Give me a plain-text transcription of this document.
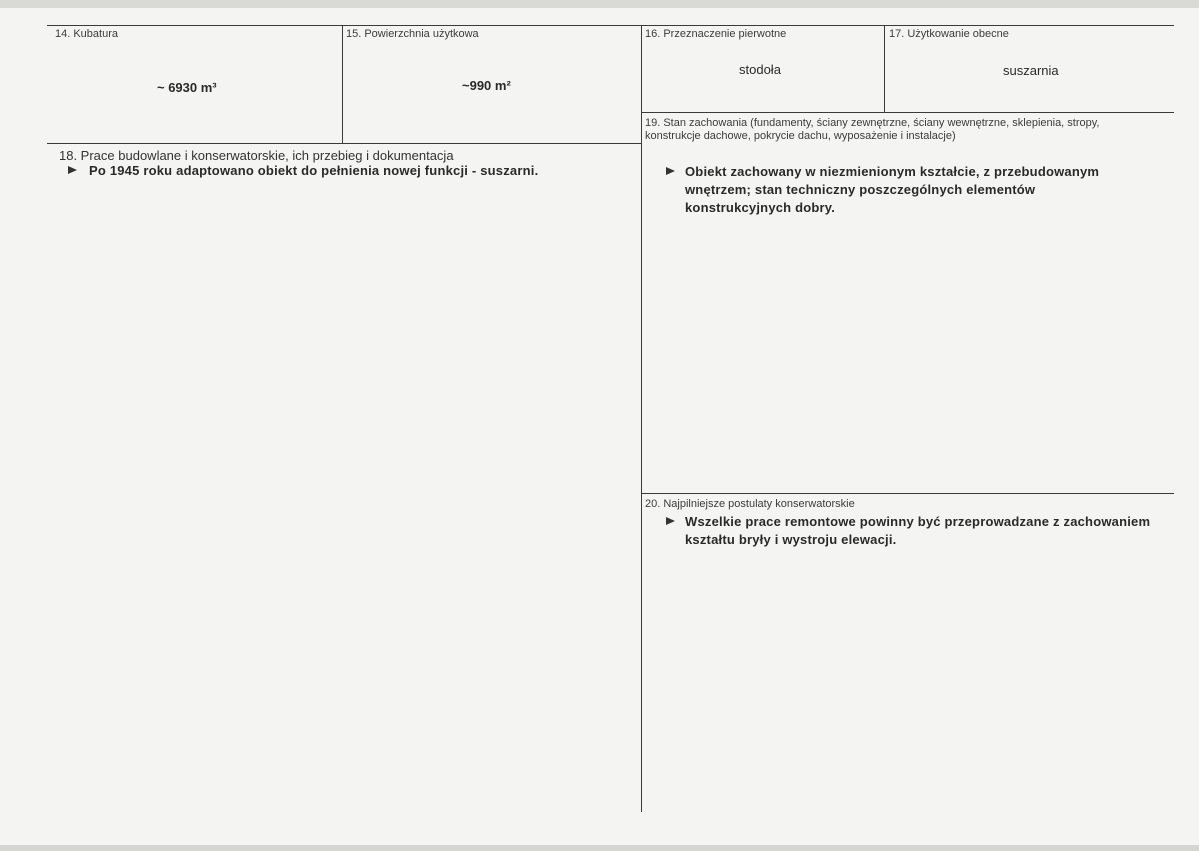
14. Kubatura
~ 6930 m³
15. Powierzchnia użytkowa
~990 m²
16. Przeznaczenie pierwotne
stodoła
17. Użytkowanie obecne
suszarnia
19. Stan zachowania (fundamenty, ściany zewnętrzne, ściany wewnętrzne, sklepienia, stropy, konstrukcje dachowe, pokrycie dachu, wyposażenie i instalacje)
Obiekt zachowany w niezmienionym kształcie, z przebudowanym wnętrzem; stan techniczny poszczególnych elementów konstrukcyjnych dobry.
18. Prace budowlane i konserwatorskie, ich przebieg i dokumentacja
Po 1945 roku adaptowano obiekt do pełnienia nowej funkcji - suszarni.
20. Najpilniejsze postulaty konserwatorskie
Wszelkie prace remontowe powinny być przeprowadzane z zachowaniem kształtu bryły i wystroju elewacji.
